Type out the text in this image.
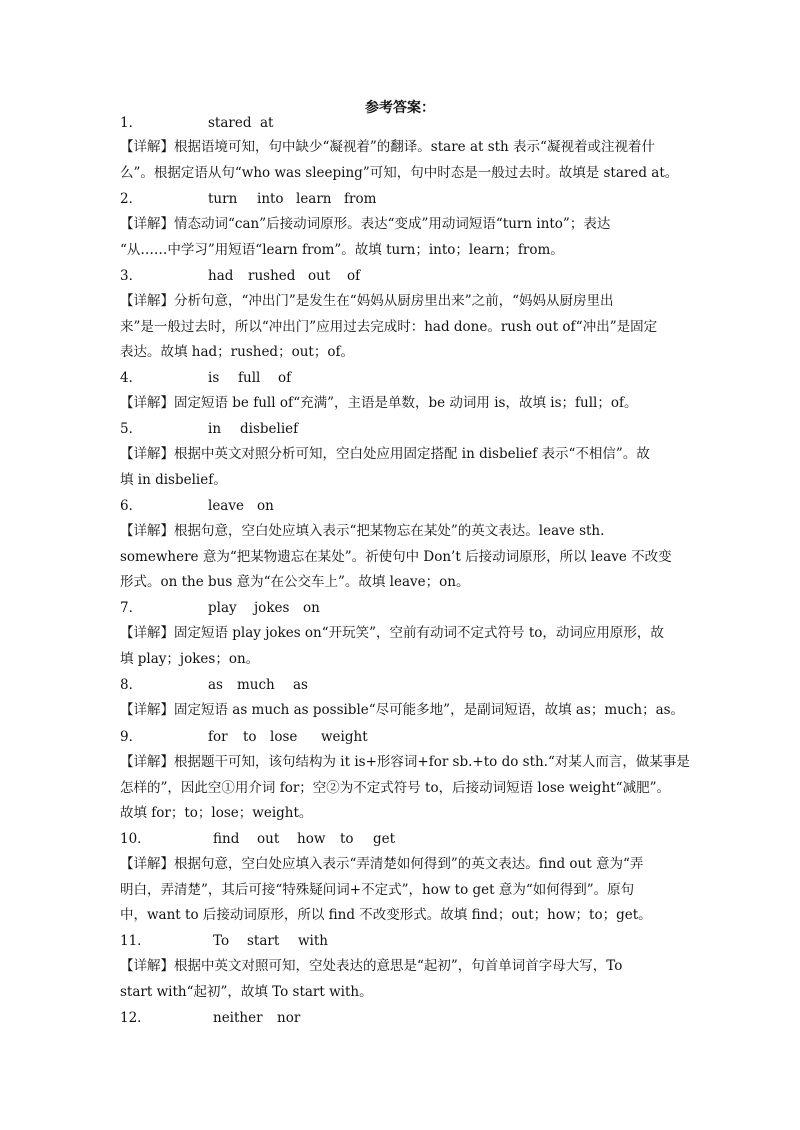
参考答案：
1．	stared at
【详解】根据语境可知，句中缺少“凝视着”的翻译。stare at sth 表示“凝视着或注视着什
么”。根据定语从句“who was sleeping”可知，句中时态是一般过去时。故填是 stared at。
2．	turn into learn from
【详解】情态动词“can”后接动词原形。表达“变成”用动词短语“turn into”；表达
“从……中学习”用短语“learn from”。故填 turn；into；learn；from。
3．	had rushed out of
【详解】分析句意，“冲出门”是发生在“妈妈从厨房里出来”之前，“妈妈从厨房里出
来”是一般过去时，所以“冲出门”应用过去完成时：had done。rush out of“冲出”是固定
表达。故填 had；rushed；out；of。
4．	is full of
【详解】固定短语 be full of“充满”，主语是单数，be 动词用 is，故填 is；full；of。
5．	in disbelief
【详解】根据中英文对照分析可知，空白处应用固定搭配 in disbelief 表示“不相信”。故
填 in disbelief。
6．	leave on
【详解】根据句意，空白处应填入表示“把某物忘在某处”的英文表达。leave sth.
somewhere 意为“把某物遗忘在某处”。祈使句中 Don’t 后接动词原形，所以 leave 不改变
形式。on the bus 意为“在公交车上”。故填 leave；on。
7．	play jokes on
【详解】固定短语 play jokes on“开玩笑”，空前有动词不定式符号 to，动词应用原形，故
填 play；jokes；on。
8．	as much as
【详解】固定短语 as much as possible“尽可能多地”，是副词短语，故填 as；much；as。
9．	for to lose weight
【详解】根据题干可知，该句结构为 it is+形容词+for sb.+to do sth.“对某人而言，做某事是
怎样的”，因此空①用介词 for；空②为不定式符号 to，后接动词短语 lose weight“减肥”。
故填 for；to；lose；weight。
10．	find out how to get
【详解】根据句意，空白处应填入表示“弄清楚如何得到”的英文表达。find out 意为“弄
明白，弄清楚”，其后可接“特殊疑问词+不定式”，how to get 意为“如何得到”。原句
中，want to 后接动词原形，所以 find 不改变形式。故填 find；out；how；to；get。
11．	To start with
【详解】根据中英文对照可知，空处表达的意思是“起初”，句首单词首字母大写，To
start with“起初”，故填 To start with。
12．	neither nor
